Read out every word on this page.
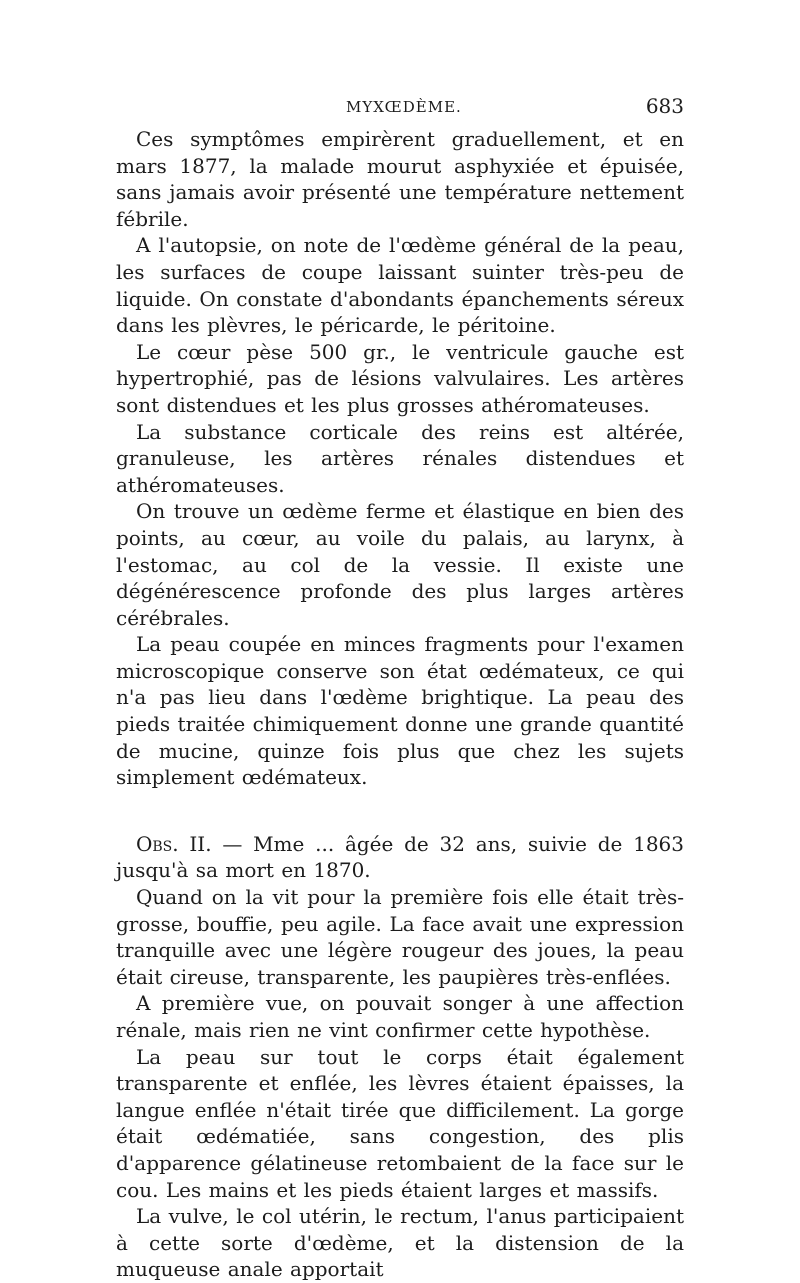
MYXŒDÈME.	683

Ces symptômes empirèrent graduellement, et en mars 1877, la malade mourut asphyxiée et épuisée, sans jamais avoir présenté une température nettement fébrile.

A l'autopsie, on note de l'œdème général de la peau, les surfaces de coupe laissant suinter très-peu de liquide. On constate d'abondants épanchements séreux dans les plèvres, le péricarde, le péritoine.

Le cœur pèse 500 gr., le ventricule gauche est hypertrophié, pas de lésions valvulaires. Les artères sont distendues et les plus grosses athéromateuses.

La substance corticale des reins est altérée, granuleuse, les artères rénales distendues et athéromateuses.

On trouve un œdème ferme et élastique en bien des points, au cœur, au voile du palais, au larynx, à l'estomac, au col de la vessie. Il existe une dégénérescence profonde des plus larges artères cérébrales.

La peau coupée en minces fragments pour l'examen microscopique conserve son état œdémateux, ce qui n'a pas lieu dans l'œdème brightique. La peau des pieds traitée chimiquement donne une grande quantité de mucine, quinze fois plus que chez les sujets simplement œdémateux.

Obs. II. — Mme ... âgée de 32 ans, suivie de 1863 jusqu'à sa mort en 1870.

Quand on la vit pour la première fois elle était très-grosse, bouffie, peu agile. La face avait une expression tranquille avec une légère rougeur des joues, la peau était cireuse, transparente, les paupières très-enflées.

A première vue, on pouvait songer à une affection rénale, mais rien ne vint confirmer cette hypothèse.

La peau sur tout le corps était également transparente et enflée, les lèvres étaient épaisses, la langue enflée n'était tirée que difficilement. La gorge était œdématiée, sans congestion, des plis d'apparence gélatineuse retombaient de la face sur le cou. Les mains et les pieds étaient larges et massifs.

La vulve, le col utérin, le rectum, l'anus participaient à cette sorte d'œdème, et la distension de la muqueuse anale apportait
